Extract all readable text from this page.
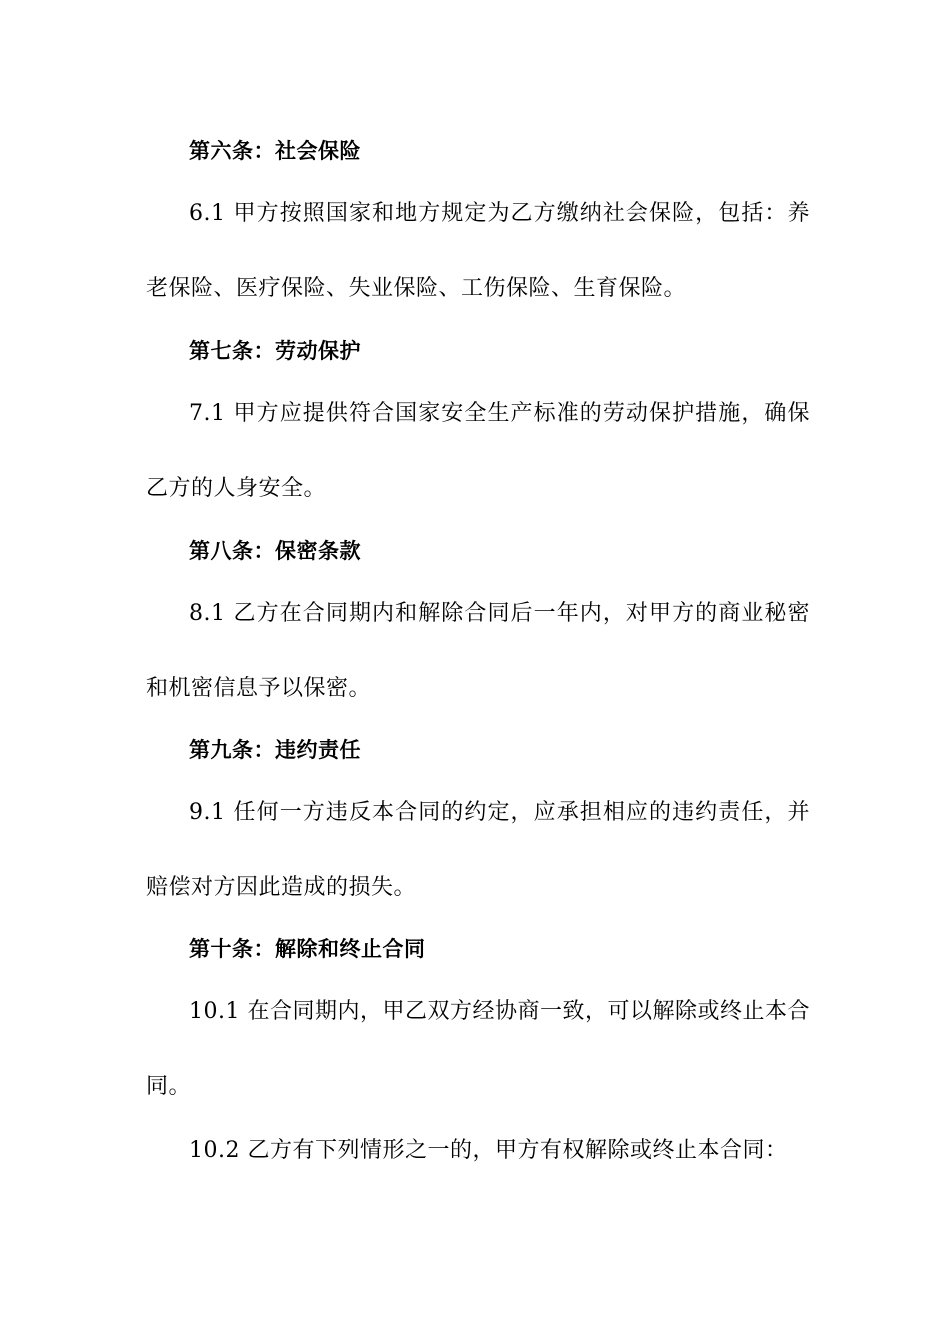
第六条：社会保险
6.1 甲方按照国家和地方规定为乙方缴纳社会保险，包括：养
老保险、医疗保险、失业保险、工伤保险、生育保险。
第七条：劳动保护
7.1 甲方应提供符合国家安全生产标准的劳动保护措施，确保
乙方的人身安全。
第八条：保密条款
8.1 乙方在合同期内和解除合同后一年内，对甲方的商业秘密
和机密信息予以保密。
第九条：违约责任
9.1 任何一方违反本合同的约定，应承担相应的违约责任，并
赔偿对方因此造成的损失。
第十条：解除和终止合同
10.1 在合同期内，甲乙双方经协商一致，可以解除或终止本合
同。
10.2 乙方有下列情形之一的，甲方有权解除或终止本合同：
